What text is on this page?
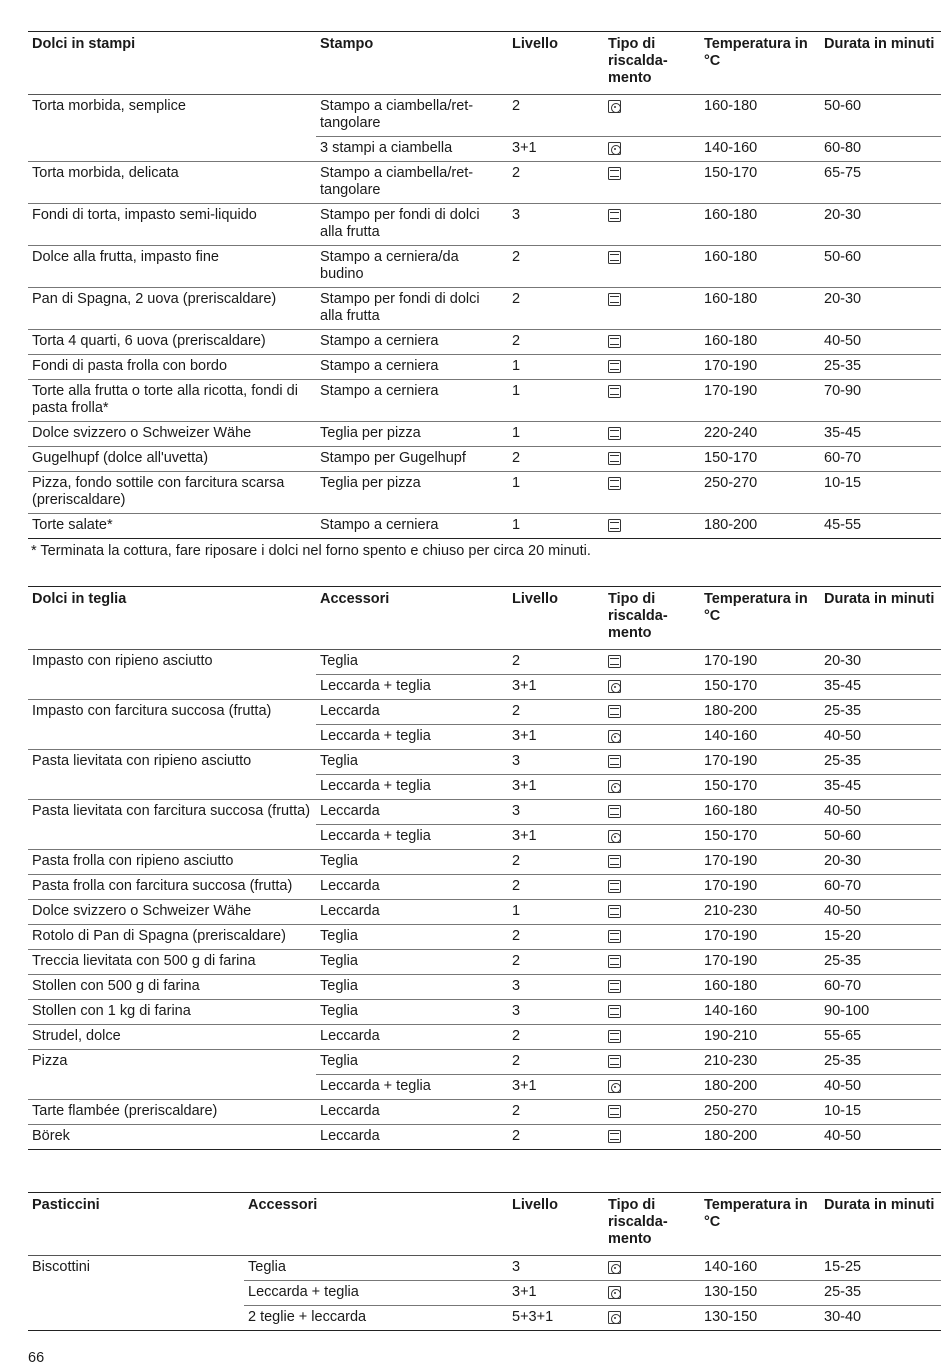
Dolci in stampi	Stampo	Livello	Tipo di riscalda-mento	Temperatura in °C	Durata in minuti
Torta morbida, semplice	Stampo a ciambella/ret-tangolare	2		160-180	50-60
	3 stampi a ciambella	3+1		140-160	60-80
Torta morbida, delicata	Stampo a ciambella/ret-tangolare	2		150-170	65-75
Fondi di torta, impasto semi-liquido	Stampo per fondi di dolci alla frutta	3		160-180	20-30
Dolce alla frutta, impasto fine	Stampo a cerniera/da budino	2		160-180	50-60
Pan di Spagna, 2 uova (preriscaldare)	Stampo per fondi di dolci alla frutta	2		160-180	20-30
Torta 4 quarti, 6 uova (preriscaldare)	Stampo a cerniera	2		160-180	40-50
Fondi di pasta frolla con bordo	Stampo a cerniera	1		170-190	25-35
Torte alla frutta o torte alla ricotta, fondi di pasta frolla*	Stampo a cerniera	1		170-190	70-90
Dolce svizzero o Schweizer Wähe	Teglia per pizza	1		220-240	35-45
Gugelhupf (dolce all'uvetta)	Stampo per Gugelhupf	2		150-170	60-70
Pizza, fondo sottile con farcitura scarsa (preriscaldare)	Teglia per pizza	1		250-270	10-15
Torte salate*	Stampo a cerniera	1		180-200	45-55
* Terminata la cottura, fare riposare i dolci nel forno spento e chiuso per circa 20 minuti.
Dolci in teglia	Accessori	Livello	Tipo di riscalda-mento	Temperatura in °C	Durata in minuti
Impasto con ripieno asciutto	Teglia	2		170-190	20-30
	Leccarda + teglia	3+1		150-170	35-45
Impasto con farcitura succosa (frutta)	Leccarda	2		180-200	25-35
	Leccarda + teglia	3+1		140-160	40-50
Pasta lievitata con ripieno asciutto	Teglia	3		170-190	25-35
	Leccarda + teglia	3+1		150-170	35-45
Pasta lievitata con farcitura succosa (frutta)	Leccarda	3		160-180	40-50
	Leccarda + teglia	3+1		150-170	50-60
Pasta frolla con ripieno asciutto	Teglia	2		170-190	20-30
Pasta frolla con farcitura succosa (frutta)	Leccarda	2		170-190	60-70
Dolce svizzero o Schweizer Wähe	Leccarda	1		210-230	40-50
Rotolo di Pan di Spagna (preriscaldare)	Teglia	2		170-190	15-20
Treccia lievitata con 500 g di farina	Teglia	2		170-190	25-35
Stollen con 500 g di farina	Teglia	3		160-180	60-70
Stollen con 1 kg di farina	Teglia	3		140-160	90-100
Strudel, dolce	Leccarda	2		190-210	55-65
Pizza	Teglia	2		210-230	25-35
	Leccarda + teglia	3+1		180-200	40-50
Tarte flambée (preriscaldare)	Leccarda	2		250-270	10-15
Börek	Leccarda	2		180-200	40-50
Pasticcini	Accessori	Livello	Tipo di riscalda-mento	Temperatura in °C	Durata in minuti
Biscottini	Teglia	3		140-160	15-25
	Leccarda + teglia	3+1		130-150	25-35
	2 teglie + leccarda	5+3+1		130-150	30-40
66
